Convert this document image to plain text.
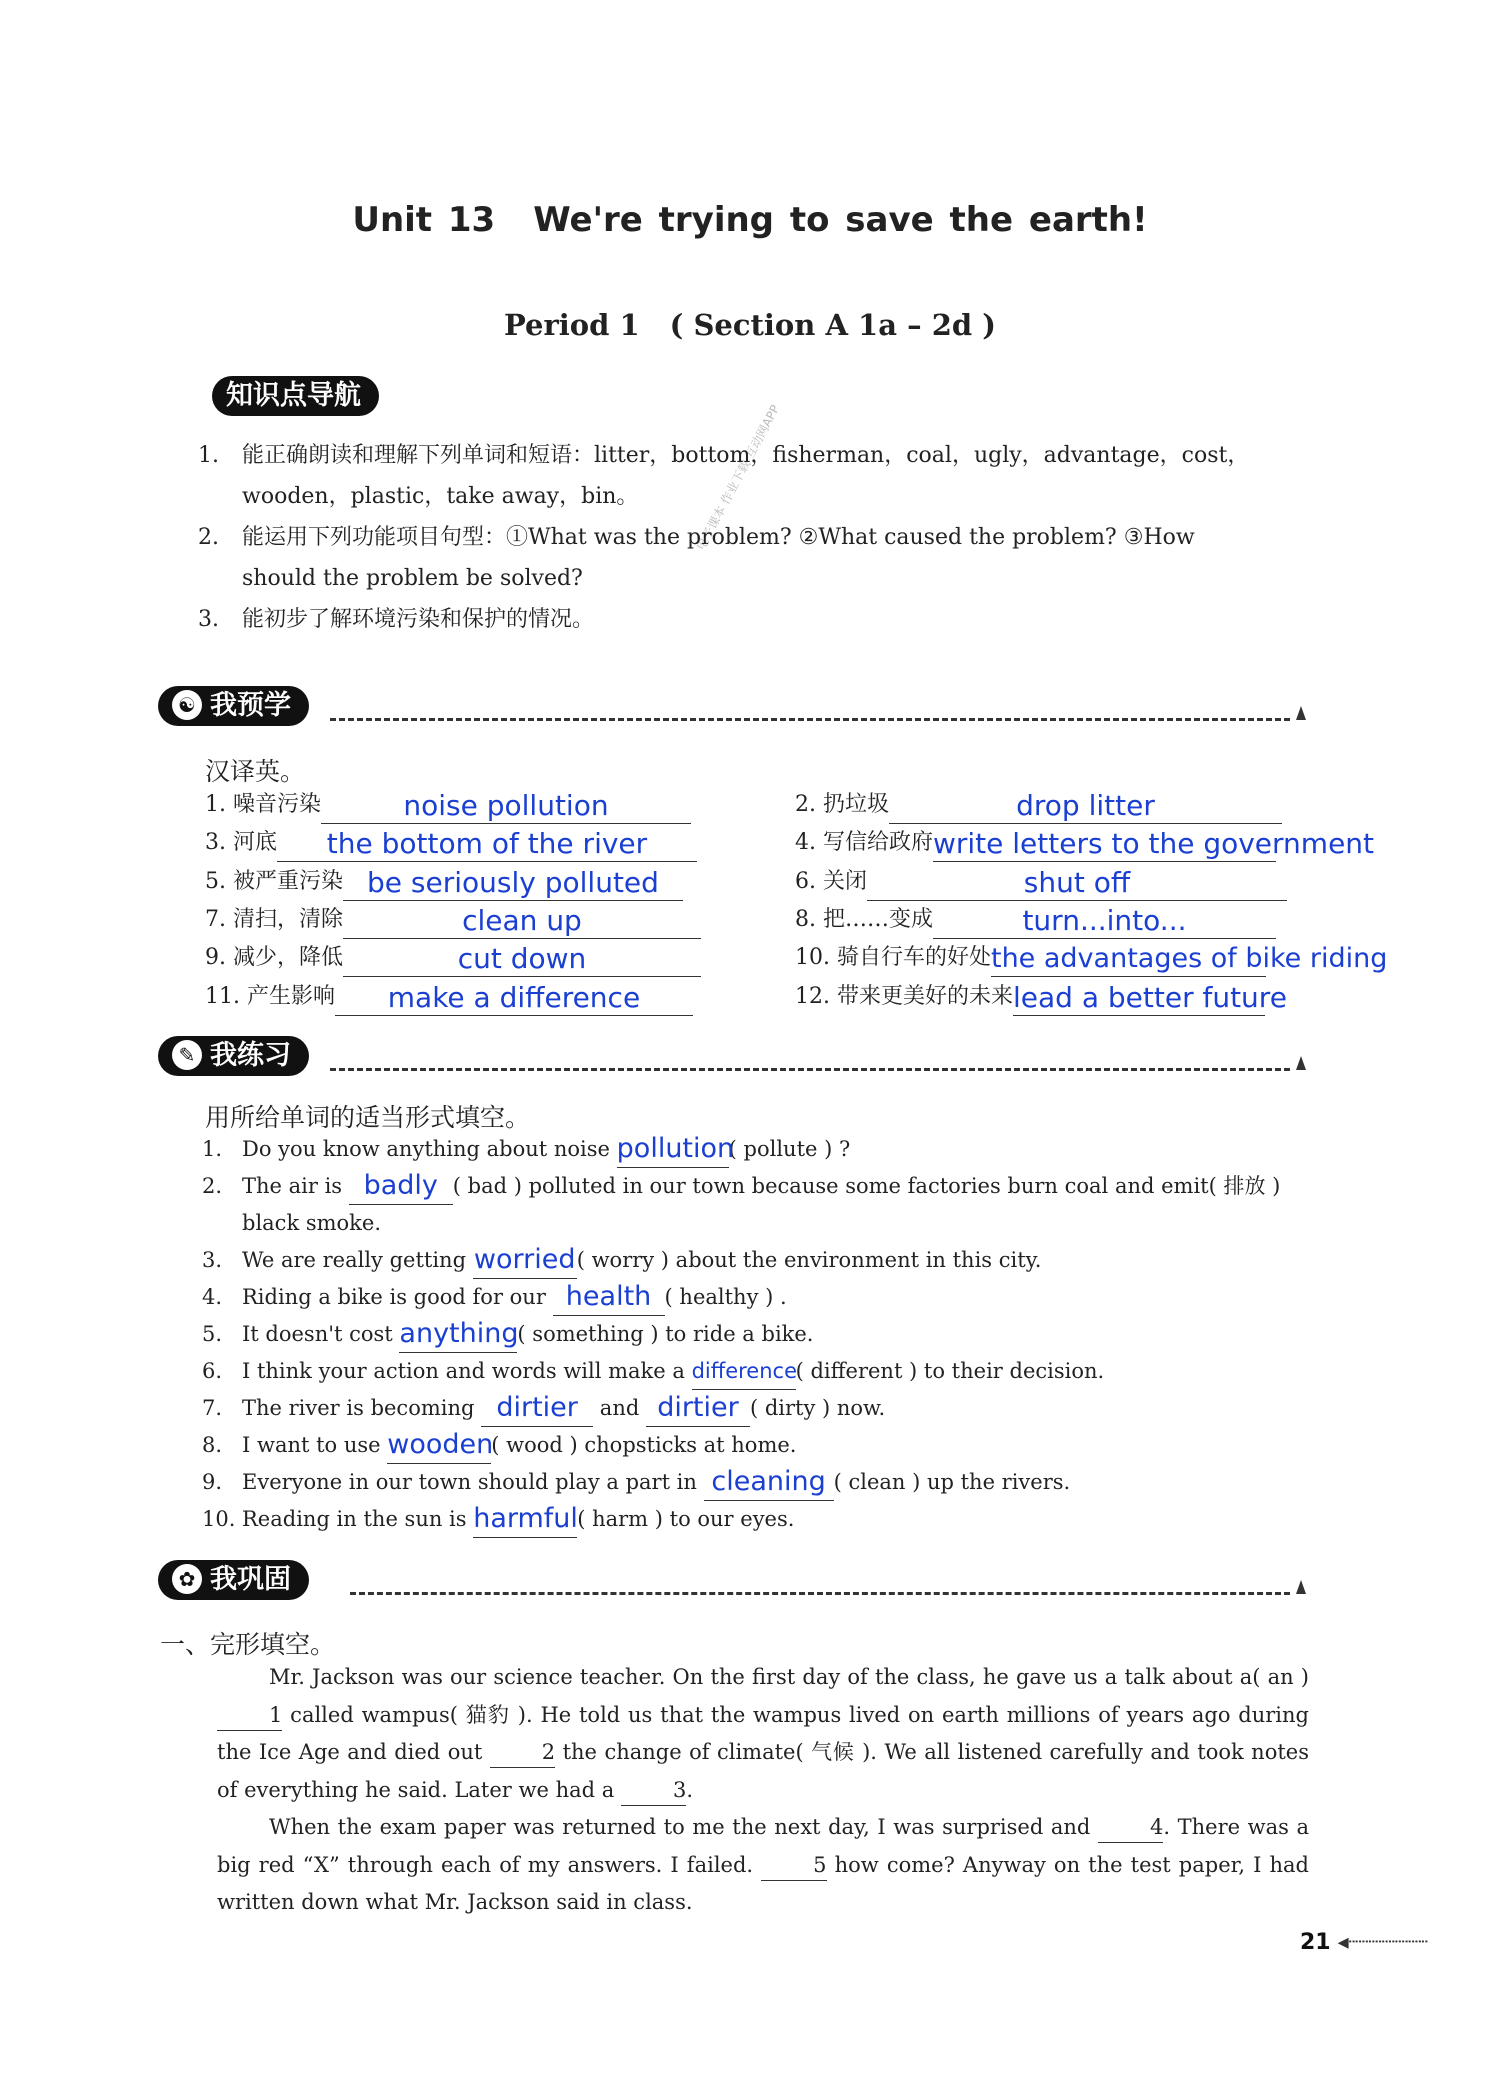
Unit 13 We're trying to save the earth!
Period 1 ( Section A 1a – 2d )
电子课本 作业下载 互动网APP
知识点导航

1. 能正确朗读和理解下列单词和短语：litter，bottom，fisherman，coal，ugly，advantage，cost，

wooden，plastic，take away，bin。

2. 能运用下列功能项目句型：①What was the problem? ②What caused the problem? ③How

should the problem be solved?

3. 能初步了解环境污染和保护的情况。

☯ 我预学
汉译英。
1. 噪音污染	noise pollution
3. 河底	the bottom of the river
5. 被严重污染 be seriously polluted
7. 清扫，清除	clean up
9. 减少，降低	cut down
11. 产生影响	make a difference
2. 扔垃圾	drop litter
4. 写信给政府 write letters to the government
6. 关闭	shut off
8. 把……变成	turn...into...
10. 骑自行车的好处 the advantages of bike riding
12. 带来更美好的未来 lead a better future
✎ 我练习
用所给单词的适当形式填空。
1. Do you know anything about noise pollution
( pollute ) ?
2. The air is badly ( bad ) polluted in our town because some factories burn coal and emit( 排放 )
black smoke.
3. We are really getting worried ( worry ) about the environment in this city.
4. Riding a bike is good for our health ( healthy ) .
5. It doesn't cost anything
( something ) to ride a bike.
6. I think your action and words will make a difference
( different ) to their decision.
7. The river is becoming dirtier and dirtier ( dirty ) now.
8. I want to use wooden
( wood ) chopsticks at home.
9. Everyone in our town should play a part in cleaning ( clean ) up the rivers.
10. Reading in the sun is harmful ( harm ) to our eyes.
✿ 我巩固
一、完形填空。

Mr. Jackson was our science teacher. On the first day of the class, he gave us a talk about a( an )1 called wampus( 猫豹 ). He told us that the wampus lived on earth millions of years ago during the Ice Age and died out 2 the change of climate( 气候 ). We all listened carefully and took notes of everything he said. Later we had a 3.

When the exam paper was returned to me the next day, I was surprised and 4. There was a big red “X” through each of my answers. I failed. 5 how come? Anyway on the test paper, I had written down what Mr. Jackson said in class.

21 ◂┈┈┈┈┈┈
